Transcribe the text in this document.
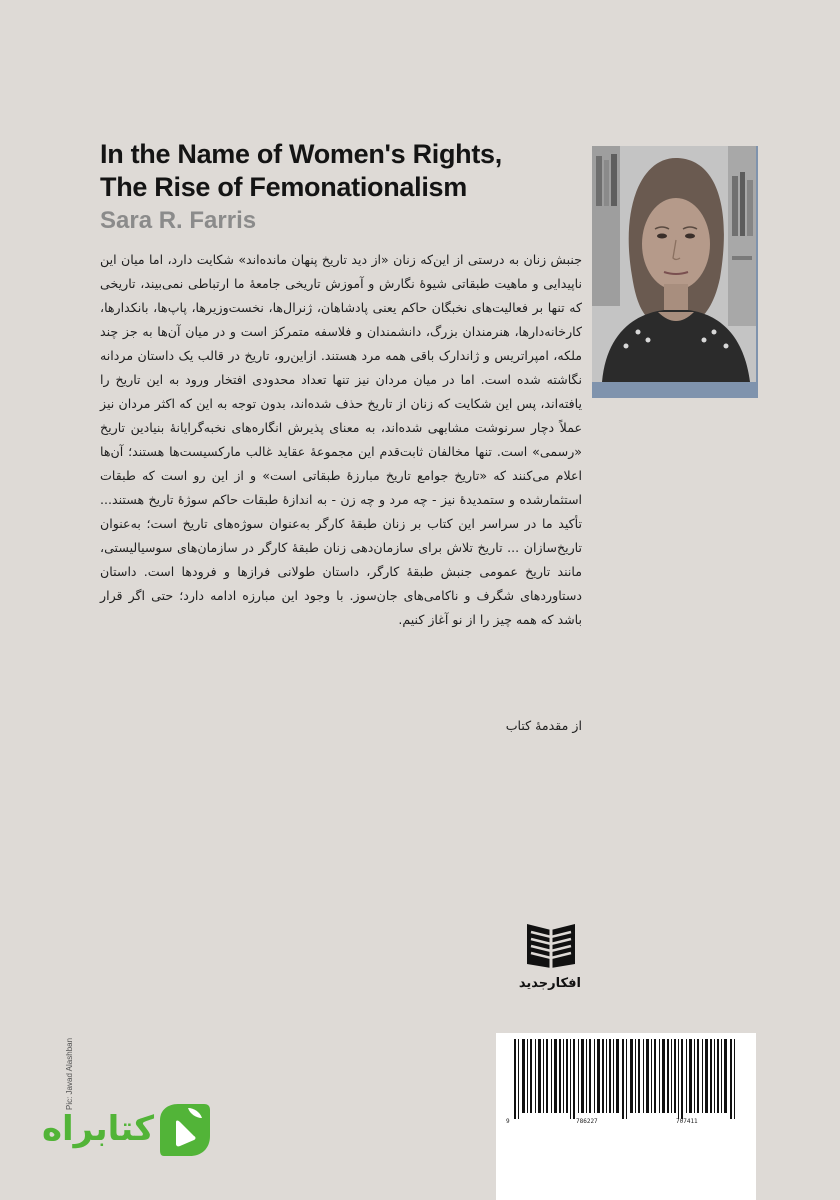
In the Name of Women's Rights,
The Rise of Femonationalism
Sara R. Farris
جنبش زنان به درستی از این‌که زنان «از دید تاریخ پنهان مانده‌اند» شکایت دارد، اما میان این ناپیدایی و ماهیت طبقاتی شیوهٔ نگارش و آموزش تاریخی جامعهٔ ما ارتباطی نمی‌بیند، تاریخی که تنها بر فعالیت‌های نخبگان حاکم یعنی پادشاهان، ژنرال‌ها، نخست‌وزیرها، پاپ‌ها، بانکدارها، کارخانه‌دارها، هنرمندان بزرگ، دانشمندان و فلاسفه متمرکز است و در میان آن‌ها به جز چند ملکه، امپراتریس و ژاندارک باقی همه مرد هستند. ازاین‌رو، تاریخ در قالب یک داستان مردانه نگاشته شده است. اما در میان مردان نیز تنها تعداد محدودی افتخار ورود به این تاریخ را یافته‌اند، پس این شکایت که زنان از تاریخ حذف شده‌اند، بدون توجه به این که اکثر مردان نیز عملاً دچار سرنوشت مشابهی شده‌اند، به معنای پذیرش انگاره‌های نخبه‌گرایانهٔ بنیادین تاریخ «رسمی» است. تنها مخالفان ثابت‌قدم این مجموعهٔ عقاید غالب مارکسیست‌ها هستند؛ آن‌ها اعلام می‌کنند که «تاریخ جوامع تاریخ مبارزهٔ طبقاتی است» و از این رو است که طبقات استثمارشده و ستمدیدهٔ نیز - چه مرد و چه زن - به اندازهٔ طبقات حاکم سوژهٔ تاریخ هستند... تأکید ما در سراسر این کتاب بر زنان طبقهٔ کارگر به‌عنوان سوژه‌های تاریخ است؛ به‌عنوان تاریخ‌سازان ... تاریخ تلاش برای سازمان‌دهی زنان طبقهٔ کارگر در سازمان‌های سوسیالیستی، مانند تاریخ عمومی جنبش طبقهٔ کارگر، داستان طولانی فرازها و فرودها است. داستان دستاوردهای شگرف و ناکامی‌های جان‌سوز. با وجود این مبارزه ادامه دارد؛ حتی اگر قرار باشد که همه چیز را از نو آغاز کنیم.
از مقدمهٔ کتاب
افکارجدید
9	786227	707411
Pic: Javad Alashban
کتابراه
